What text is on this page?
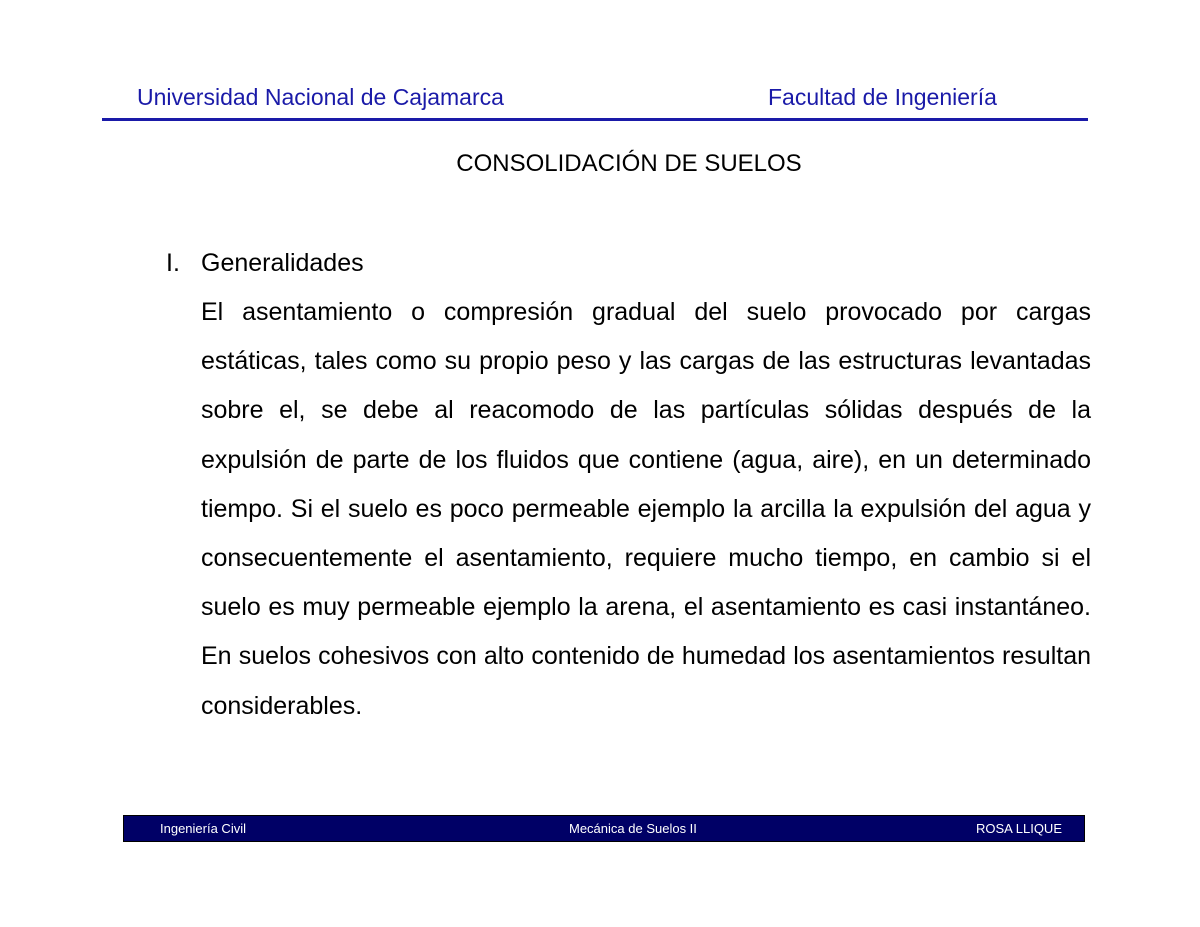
Universidad Nacional de Cajamarca	Facultad de Ingeniería
CONSOLIDACIÓN DE SUELOS
I. Generalidades

El asentamiento o compresión gradual del suelo provocado por cargas estáticas, tales como su propio peso y las cargas de las estructuras levantadas sobre el, se debe al reacomodo de las partículas sólidas después de la expulsión de parte de los fluidos que contiene (agua, aire), en un determinado tiempo. Si el suelo es poco permeable ejemplo la arcilla la expulsión del agua y consecuentemente el asentamiento, requiere mucho tiempo, en cambio si el suelo es muy permeable ejemplo la arena, el asentamiento es casi instantáneo. En suelos cohesivos con alto contenido de humedad los asentamientos resultan considerables.

Ingeniería Civil	Mecánica de Suelos II	ROSA LLIQUE
